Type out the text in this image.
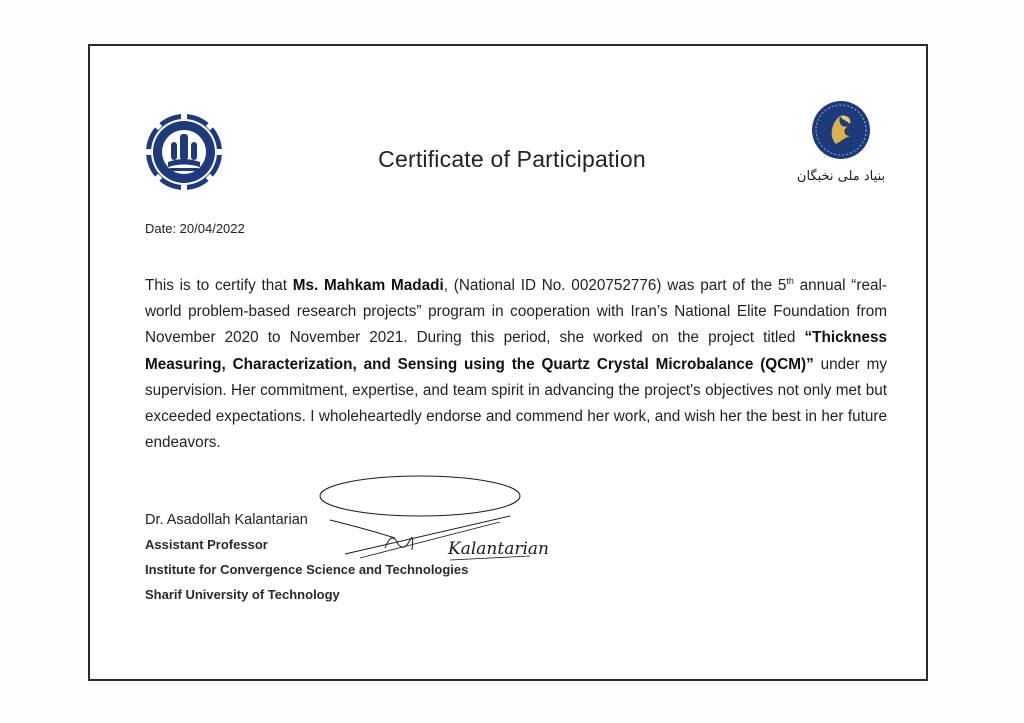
بنیاد ملی نخبگان
Certificate of Participation
Date: 20/04/2022
This is to certify that Ms. Mahkam Madadi, (National ID No. 0020752776) was part of the 5th annual “real-world problem-based research projects” program in cooperation with Iran’s National Elite Foundation from November 2020 to November 2021. During this period, she worked on the project titled “Thickness Measuring, Characterization, and Sensing using the Quartz Crystal Microbalance (QCM)” under my supervision. Her commitment, expertise, and team spirit in advancing the project's objectives not only met but exceeded expectations. I wholeheartedly endorse and commend her work, and wish her the best in her future endeavors.
Dr. Asadollah Kalantarian
Assistant Professor
Institute for Convergence Science and Technologies
Sharif University of Technology
Kalantarian
